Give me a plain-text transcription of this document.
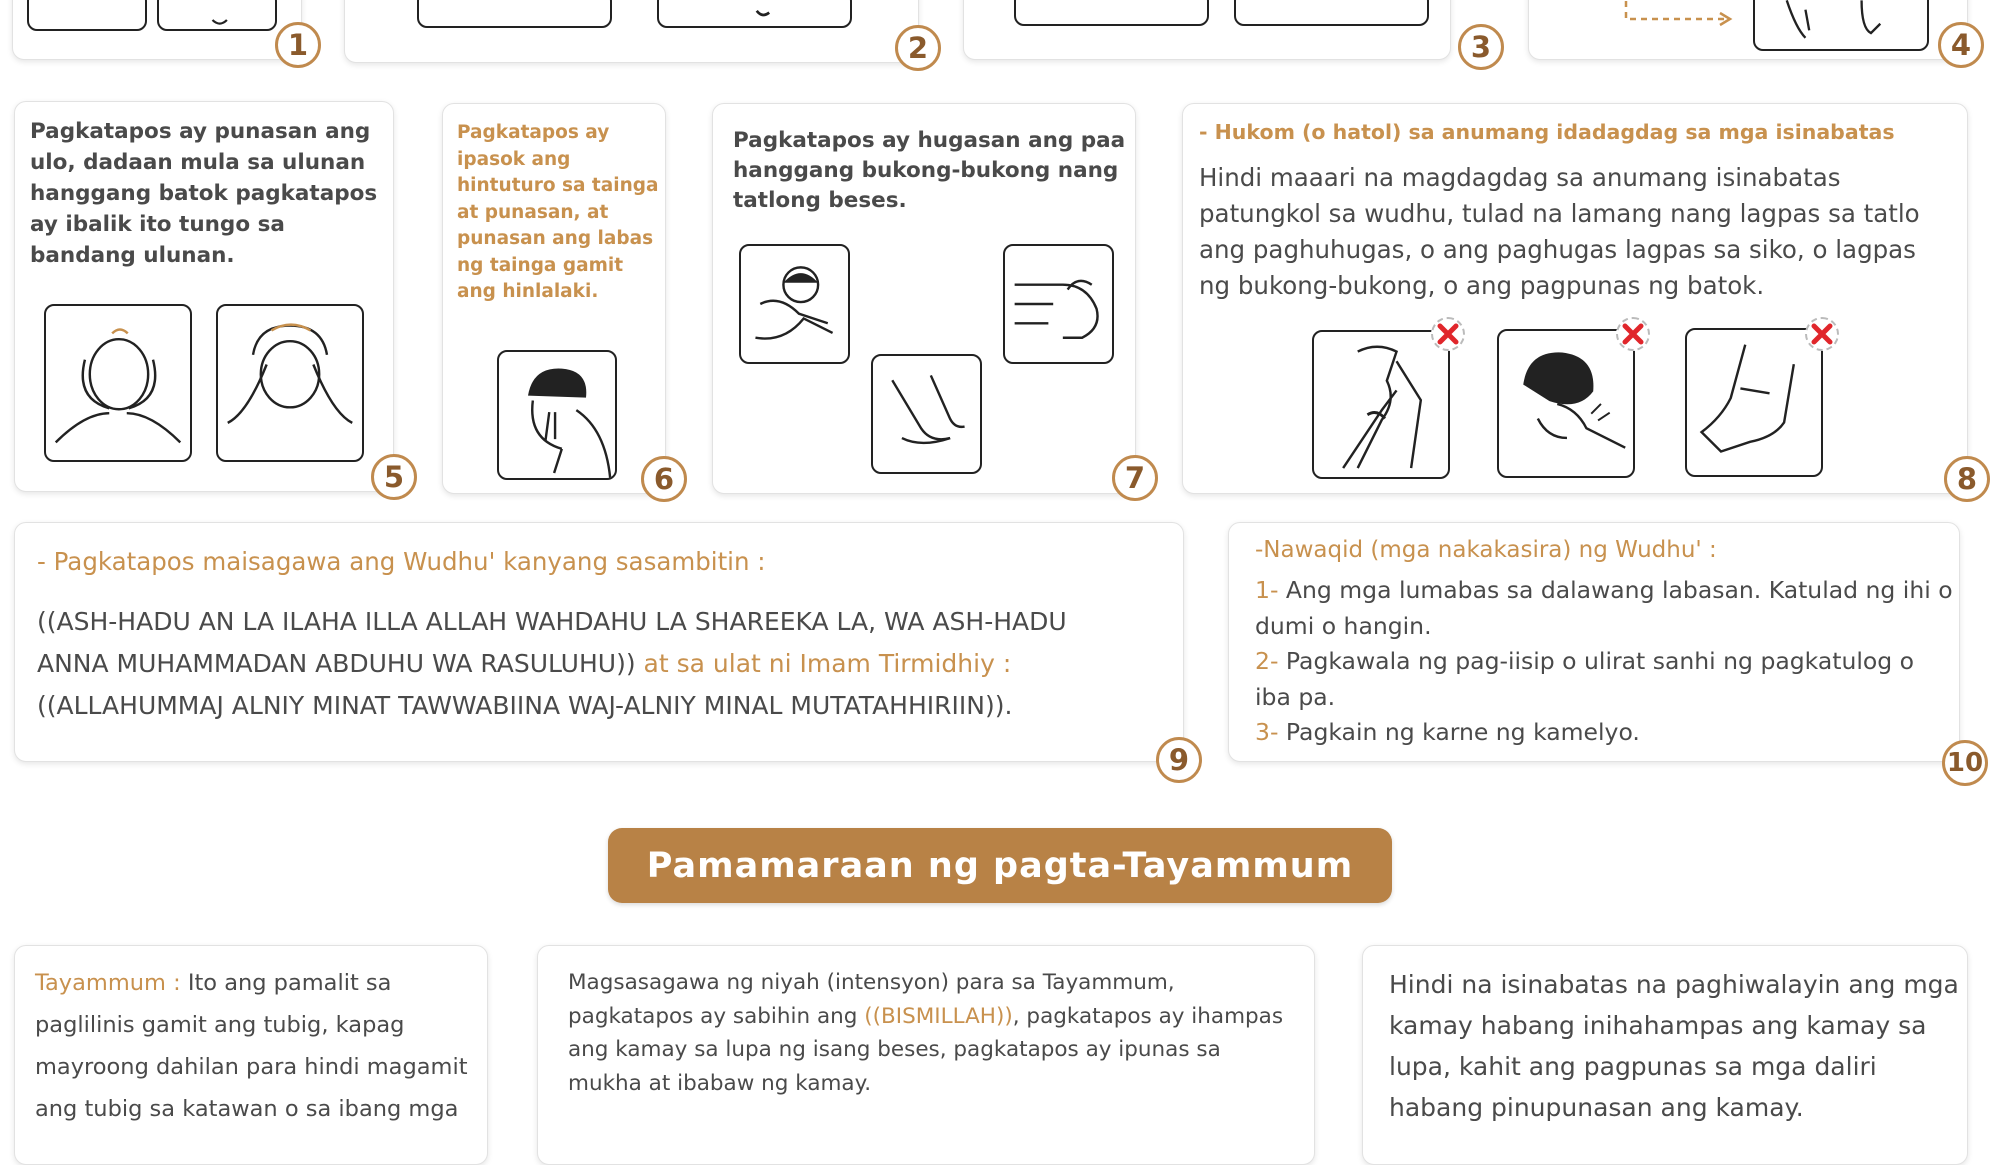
1	2	3	4
Pagkatapos ay punasan ang ulo, dadaan mula sa ulunan hanggang batok pagkatapos ay ibalik ito tungo sa bandang ulunan.
5
Pagkatapos ay ipasok ang hintuturo sa tainga at punasan, at punasan ang labas ng tainga gamit ang hinlalaki.
6
Pagkatapos ay hugasan ang paa hanggang bukong-bukong nang tatlong beses.
7
- Hukom (o hatol) sa anumang idadagdag sa mga isinabatas
Hindi maaari na magdagdag sa anumang isinabatas patungkol sa wudhu, tulad na lamang nang lagpas sa tatlo ang paghuhugas, o ang paghugas lagpas sa siko, o lagpas ng bukong-bukong, o ang pagpunas ng batok.
8
- Pagkatapos maisagawa ang Wudhu' kanyang sasambitin :
((ASH-HADU AN LA ILAHA ILLA ALLAH WAHDAHU LA SHAREEKA LA, WA ASH-HADU
ANNA MUHAMMADAN ABDUHU WA RASULUHU)) at sa ulat ni Imam Tirmidhiy :
((ALLAHUMMAJ ALNIY MINAT TAWWABIINA WAJ-ALNIY MINAL MUTATAHHIRIIN)).
9
-Nawaqid (mga nakakasira) ng Wudhu' :
1- Ang mga lumabas sa dalawang labasan. Katulad ng ihi o dumi o hangin.
2- Pagkawala ng pag-iisip o ulirat sanhi ng pagkatulog o iba pa.
3- Pagkain ng karne ng kamelyo.
10
Pamamaraan ng pagta-Tayammum
Tayammum : Ito ang pamalit sa paglilinis gamit ang tubig, kapag mayroong dahilan para hindi magamit ang tubig sa katawan o sa ibang mga
Magsasagawa ng niyah (intensyon) para sa Tayammum, pagkatapos ay sabihin ang ((BISMILLAH)), pagkatapos ay ihampas ang kamay sa lupa ng isang beses, pagkatapos ay ipunas sa mukha at ibabaw ng kamay.
Hindi na isinabatas na paghiwalayin ang mga kamay habang inihahampas ang kamay sa lupa, kahit ang pagpunas sa mga daliri habang pinupunasan ang kamay.
